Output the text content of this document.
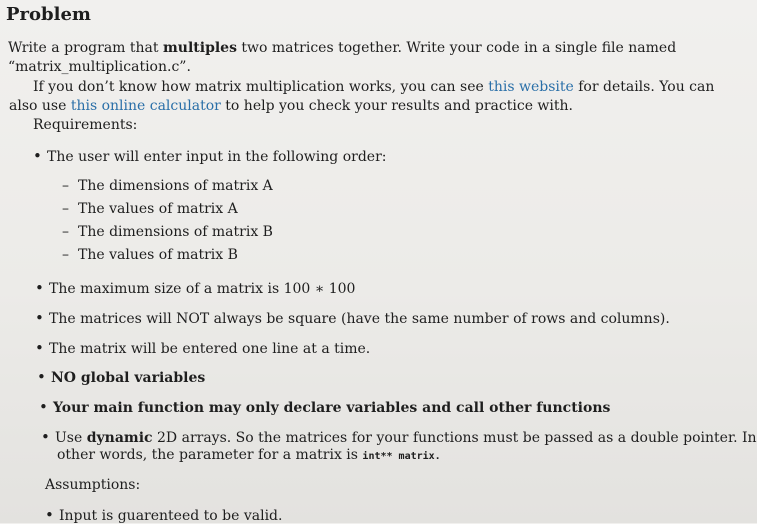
Problem
Write a program that multiples two matrices together. Write your code in a single file named
“matrix_multiplication.c”.
If you don’t know how matrix multiplication works, you can see this website for details. You can
also use this online calculator to help you check your results and practice with.
Requirements:
• The user will enter input in the following order:
– The dimensions of matrix A
– The values of matrix A
– The dimensions of matrix B
– The values of matrix B
• The maximum size of a matrix is 100 ∗ 100
• The matrices will NOT always be square (have the same number of rows and columns).
• The matrix will be entered one line at a time.
• NO global variables
• Your main function may only declare variables and call other functions
• Use dynamic 2D arrays. So the matrices for your functions must be passed as a double pointer. In
other words, the parameter for a matrix is int** matrix.
Assumptions:
• Input is guarenteed to be valid.
